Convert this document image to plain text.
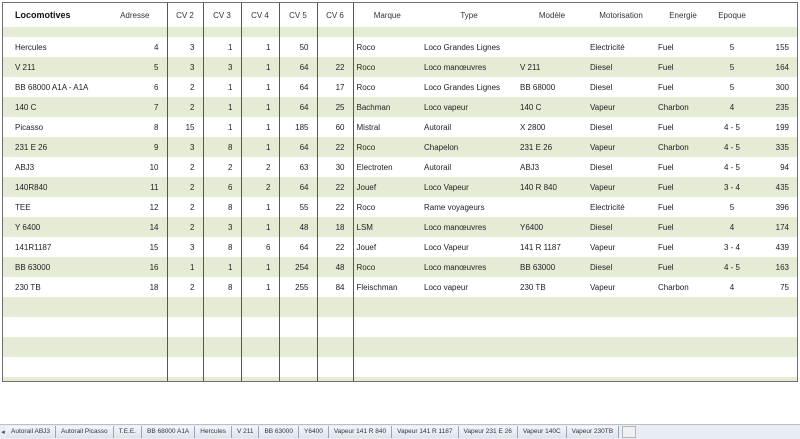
Locomotives	Adresse	CV 2	CV 3	CV 4	CV 5	CV 6	Marque	Type	Modèle	Motorisation	Energie	Epoque	

Hercules	4	3	1	1	50		Roco	Loco Grandes Lignes		Electricité	Fuel	5	155
V 211	5	3	3	1	64	22	Roco	Loco manœuvres	V 211	Diesel	Fuel	5	164
BB 68000 A1A - A1A	6	2	1	1	64	17	Roco	Loco Grandes Lignes	BB 68000	Diesel	Fuel	5	300
140 C	7	2	1	1	64	25	Bachman	Loco vapeur	140 C	Vapeur	Charbon	4	235
Picasso	8	15	1	1	185	60	Mistral	Autorail	X 2800	Diesel	Fuel	4 - 5	199
231 E 26	9	3	8	1	64	22	Roco	Chapelon	231 E 26	Vapeur	Charbon	4 - 5	335
ABJ3	10	2	2	2	63	30	Electroten	Autorail	ABJ3	Diesel	Fuel	4 - 5	94
140R840	11	2	6	2	64	22	Jouef	Loco Vapeur	140 R 840	Vapeur	Fuel	3 - 4	435
TEE	12	2	8	1	55	22	Roco	Rame voyageurs		Electricité	Fuel	5	396
Y 6400	14	2	3	1	48	18	LSM	Loco manœuvres	Y6400	Diesel	Fuel	4	174
141R1187	15	3	8	6	64	22	Jouef	Loco Vapeur	141 R 1187	Vapeur	Fuel	3 - 4	439
BB 63000	16	1	1	1	254	48	Roco	Loco manœuvres	BB 63000	Diesel	Fuel	4 - 5	163
230 TB	18	2	8	1	255	84	Fleischman	Loco vapeur	230 TB	Vapeur	Charbon	4	75

◂ Autorail ABJ3	Autorail Picasso	T.E.E.	BB 68000 A1A	Hercules	V 211	BB 63000	Y6400	Vapeur 141 R 840	Vapeur 141 R 1187	Vapeur 231 E 26	Vapeur 140C	Vapeur 230TB
